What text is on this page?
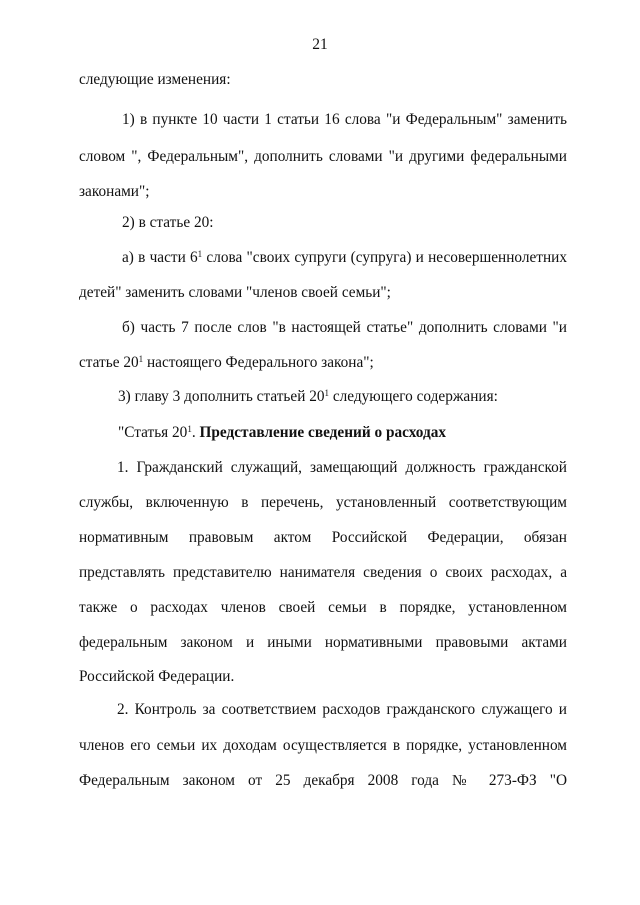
21
следующие изменения:
1) в пункте 10 части 1 статьи 16 слова "и Федеральным" заменить
словом ", Федеральным", дополнить словами "и другими федеральными
законами";
2) в статье 20:
а) в части $6^1$ слова "своих супруги (супруга) и несовершеннолетних
детей" заменить словами "членов своей семьи";
б) часть 7 после слов "в настоящей статье" дополнить словами "и
статье $20^1$ настоящего Федерального закона";
3) главу 3 дополнить статьей $20^1$ следующего содержания:
"Статья $20^1$. Представление сведений о расходах
1. Гражданский служащий, замещающий должность гражданской
службы, включенную в перечень, установленный соответствующим
нормативным правовым актом Российской Федерации, обязан
представлять представителю нанимателя сведения о своих расходах, а
также о расходах членов своей семьи в порядке, установленном
федеральным законом и иными нормативными правовыми актами
Российской Федерации.
2. Контроль за соответствием расходов гражданского служащего и
членов его семьи их доходам осуществляется в порядке, установленном
Федеральным законом от 25 декабря 2008 года № 273-ФЗ "О
